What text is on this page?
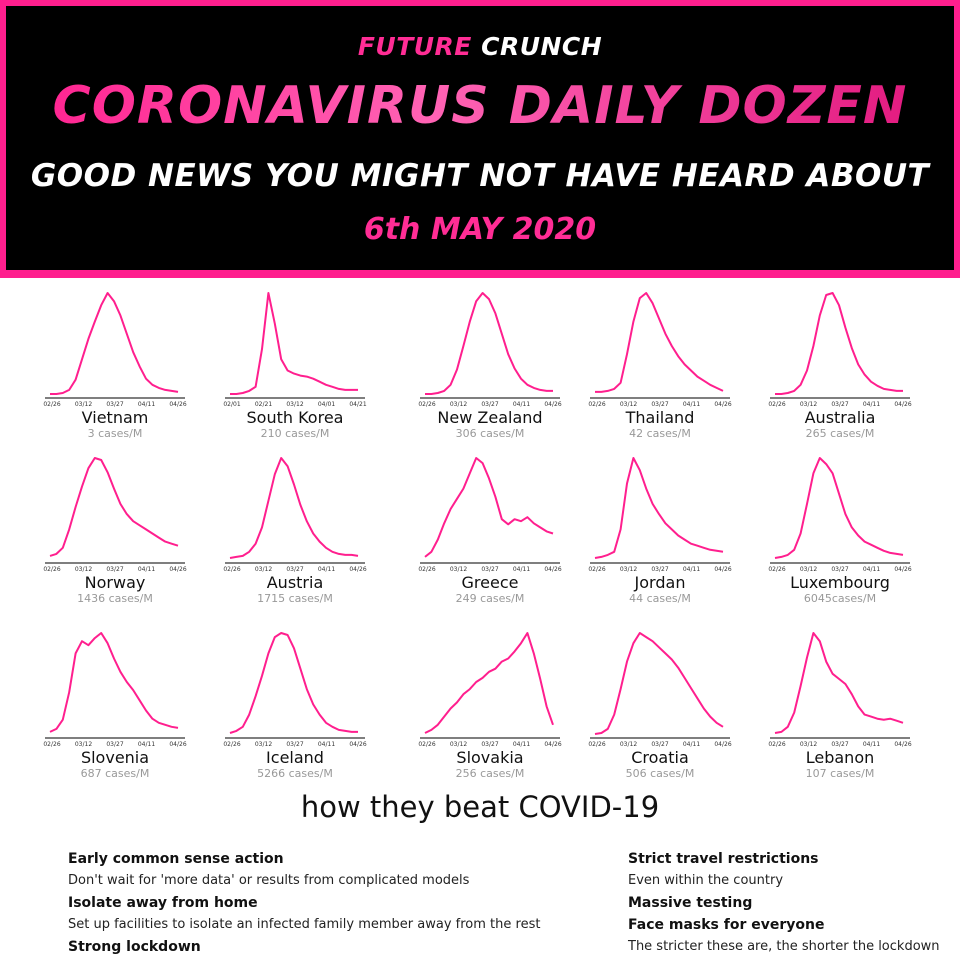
FUTURE CRUNCH
CORONAVIRUS DAILY DOZEN
GOOD NEWS YOU MIGHT NOT HAVE HEARD ABOUT
6th MAY 2020
02/26 03/12 03/27 04/11 04/26
Vietnam
3 cases/M
02/01 02/21 03/12 04/01 04/21
South Korea
210 cases/M
02/26 03/12 03/27 04/11 04/26
New Zealand
306 cases/M
02/26 03/12 03/27 04/11 04/26
Thailand
42 cases/M
02/26 03/12 03/27 04/11 04/26
Australia
265 cases/M
02/26 03/12 03/27 04/11 04/26
Norway
1436 cases/M
02/26 03/12 03/27 04/11 04/26
Austria
1715 cases/M
02/26 03/12 03/27 04/11 04/26
Greece
249 cases/M
02/26 03/12 03/27 04/11 04/26
Jordan
44 cases/M
02/26 03/12 03/27 04/11 04/26
Luxembourg
6045cases/M
02/26 03/12 03/27 04/11 04/26
Slovenia
687 cases/M
02/26 03/12 03/27 04/11 04/26
Iceland
5266 cases/M
02/26 03/12 03/27 04/11 04/26
Slovakia
256 cases/M
02/26 03/12 03/27 04/11 04/26
Croatia
506 cases/M
02/26 03/12 03/27 04/11 04/26
Lebanon
107 cases/M
how they beat COVID-19
Early common sense action
Don't wait for 'more data' or results from complicated models
Isolate away from home
Set up facilities to isolate an infected family member away from the rest
Strong lockdown
Strict travel restrictions
Even within the country
Massive testing
Face masks for everyone
The stricter these are, the shorter the lockdown
